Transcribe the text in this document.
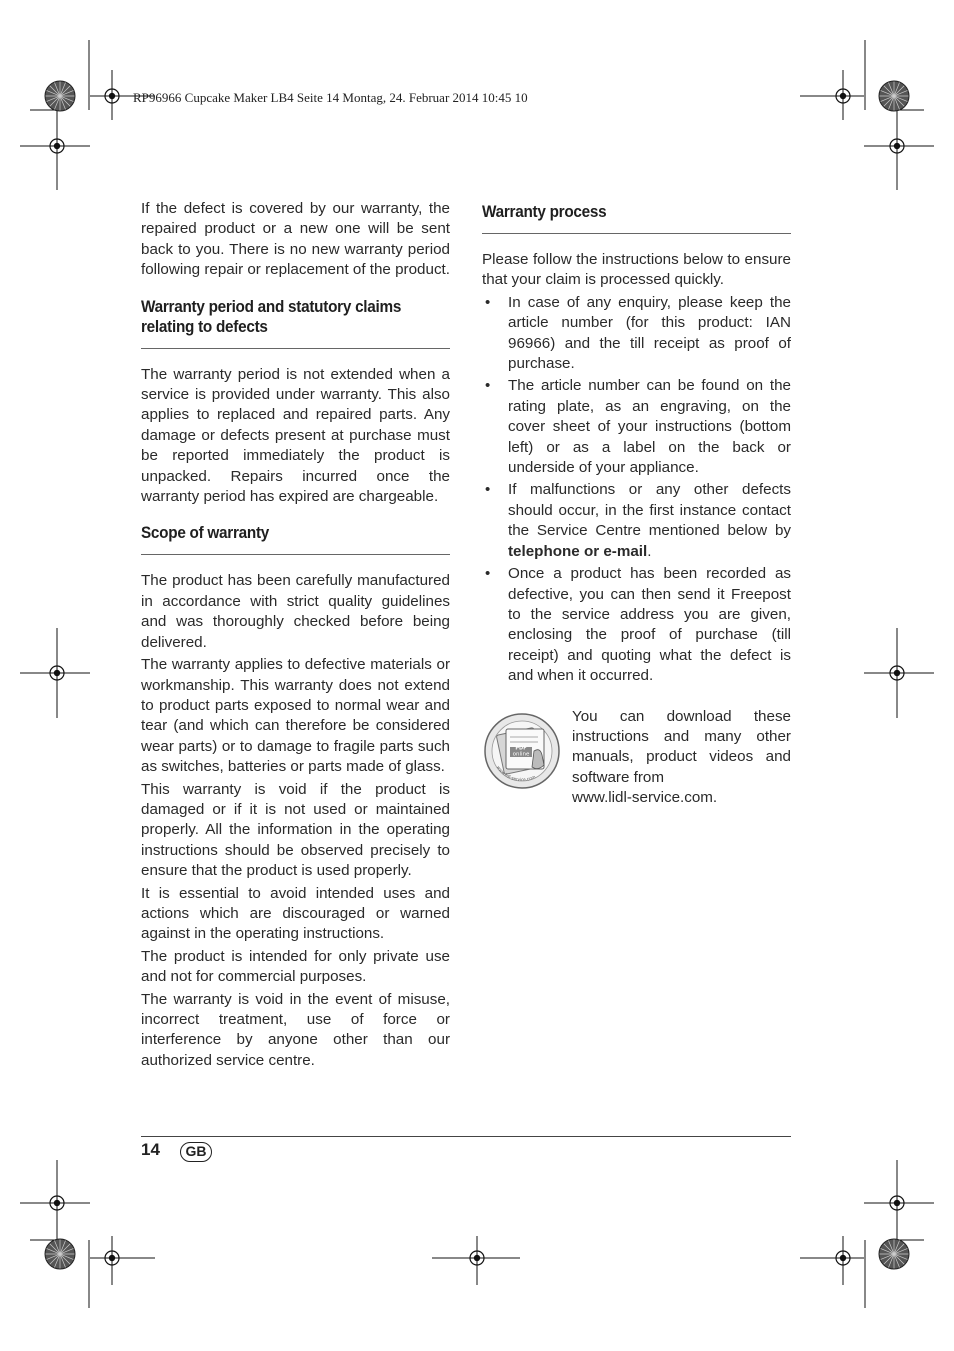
RP96966 Cupcake Maker LB4 Seite 14 Montag, 24. Februar 2014 10:45 10

If the defect is covered by our warranty, the repaired product or a new one will be sent back to you. There is no new warranty period following repair or replacement of the product.

Warranty period and statutory claims relating to defects

The warranty period is not extended when a service is provided under warranty. This also applies to replaced and repaired parts. Any damage or defects present at purchase must be reported immediately the product is unpacked. Repairs incurred once the warranty period has expired are chargeable.

Scope of warranty

The product has been carefully manufactured in accordance with strict quality guidelines and was thoroughly checked before being delivered.

The warranty applies to defective materials or workmanship. This warranty does not extend to product parts exposed to normal wear and tear (and which can therefore be considered wear parts) or to damage to fragile parts such as switches, batteries or parts made of glass.

This warranty is void if the product is damaged or if it is not used or maintained properly. All the information in the operating instructions should be observed precisely to ensure that the product is used properly.

It is essential to avoid intended uses and actions which are discouraged or warned against in the operating instructions.

The product is intended for only private use and not for commercial purposes.

The warranty is void in the event of misuse, incorrect treatment, use of force or interference by anyone other than our authorized service centre.

Warranty process

Please follow the instructions below to ensure that your claim is processed quickly.

• In case of any enquiry, please keep the article number (for this product: IAN 96966) and the till receipt as proof of purchase.
• The article number can be found on the rating plate, as an engraving, on the cover sheet of your instructions (bottom left) or as a label on the back or underside of your appliance.
• If malfunctions or any other defects should occur, in the first instance contact the Service Centre mentioned below by telephone or e-mail.
• Once a product has been recorded as defective, you can then send it Freepost to the service address you are given, enclosing the proof of purchase (till receipt) and quoting what the defect is and when it occurred.
PDF
online
www.lidl-service.com

You can download these instructions and many other manuals, product videos and software from

www.lidl-service.com.

14	GB
